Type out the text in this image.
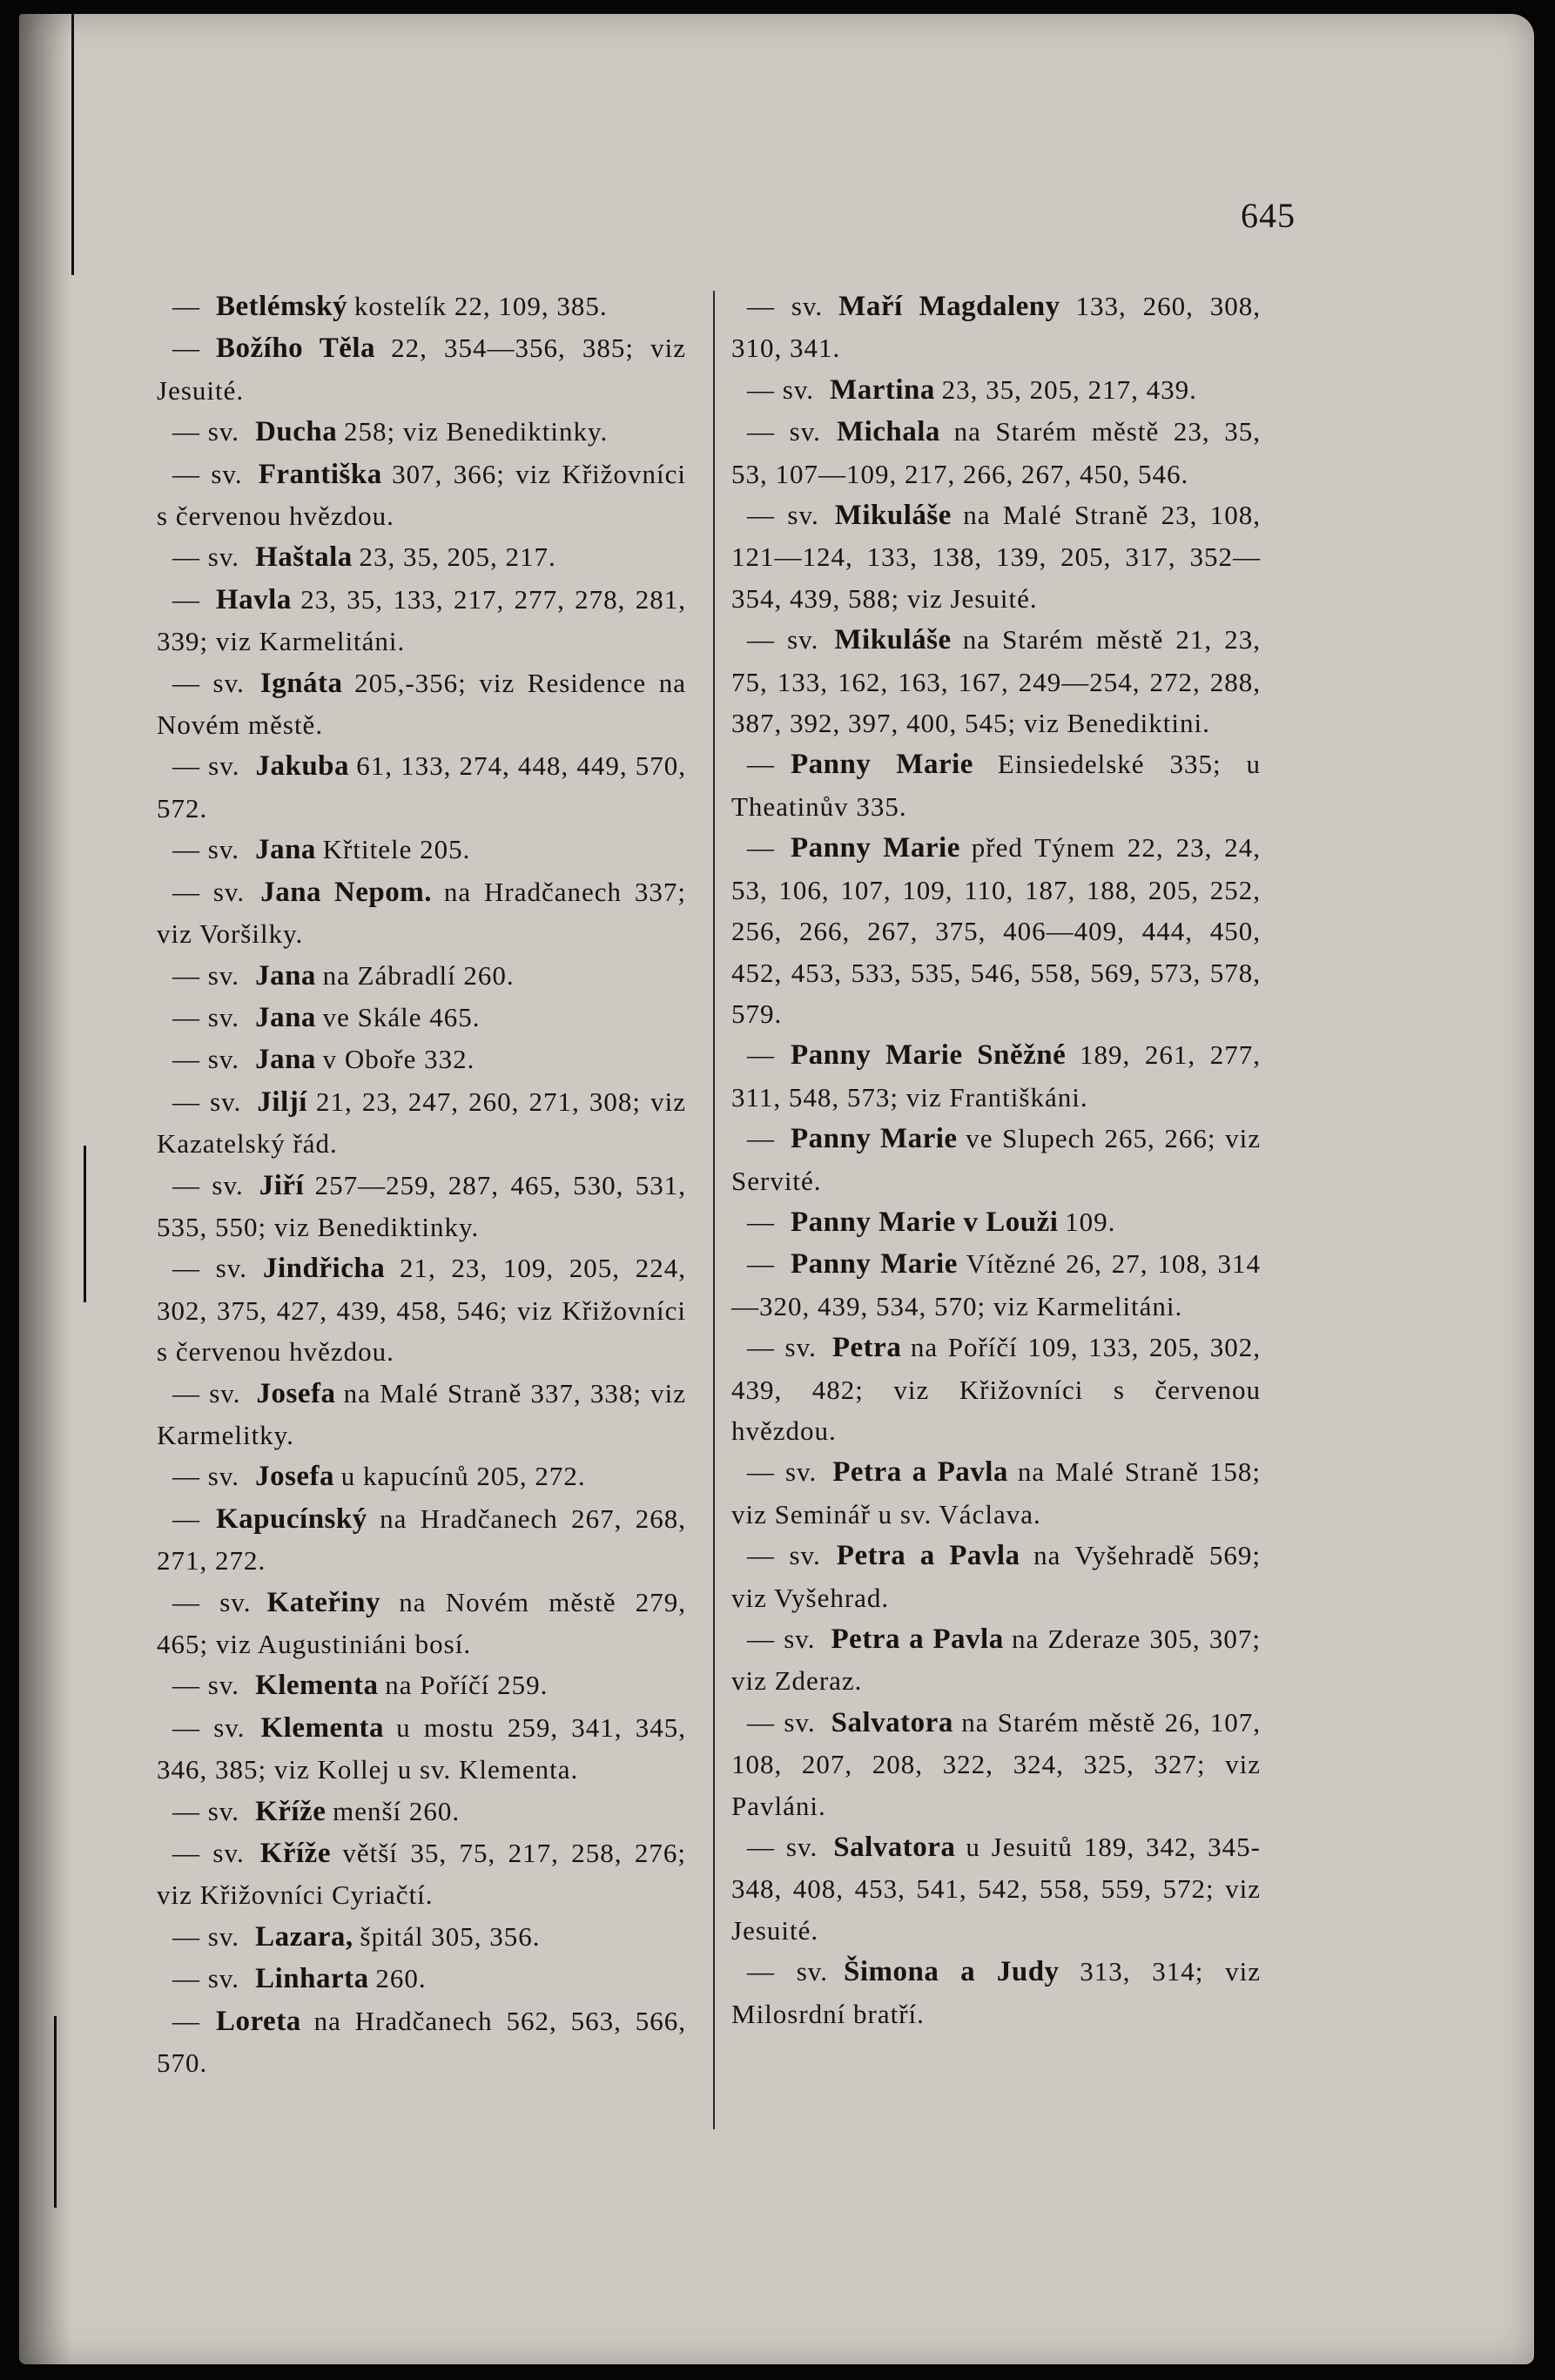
645

— Betlémský kostelík 22, 109, 385.

— Božího Těla 22, 354—356, 385; viz Jesuité.

— sv. Ducha 258; viz Benediktinky.

— sv. Františka 307, 366; viz Křižovníci s červenou hvězdou.

— sv. Haštala 23, 35, 205, 217.

— Havla 23, 35, 133, 217, 277, 278, 281, 339; viz Karmelitáni.

— sv. Ignáta 205,-356; viz Residence na Novém městě.

— sv. Jakuba 61, 133, 274, 448, 449, 570, 572.

— sv. Jana Křtitele 205.

— sv. Jana Nepom. na Hradčanech 337; viz Voršilky.

— sv. Jana na Zábradlí 260.

— sv. Jana ve Skále 465.

— sv. Jana v Oboře 332.

— sv. Jiljí 21, 23, 247, 260, 271, 308; viz Kazatelský řád.

— sv. Jiří 257—259, 287, 465, 530, 531, 535, 550; viz Benediktinky.

— sv. Jindřicha 21, 23, 109, 205, 224, 302, 375, 427, 439, 458, 546; viz Křižovníci s červenou hvězdou.

— sv. Josefa na Malé Straně 337, 338; viz Karmelitky.

— sv. Josefa u kapucínů 205, 272.

— Kapucínský na Hradčanech 267, 268, 271, 272.

— sv. Kateřiny na Novém městě 279, 465; viz Augustiniáni bosí.

— sv. Klementa na Poříčí 259.

— sv. Klementa u mostu 259, 341, 345, 346, 385; viz Kollej u sv. Klementa.

— sv. Kříže menší 260.

— sv. Kříže větší 35, 75, 217, 258, 276; viz Křižovníci Cyriačtí.

— sv. Lazara, špitál 305, 356.

— sv. Linharta 260.

— Loreta na Hradčanech 562, 563, 566, 570.

— sv. Maří Magdaleny 133, 260, 308, 310, 341.

— sv. Martina 23, 35, 205, 217, 439.

— sv. Michala na Starém městě 23, 35, 53, 107—109, 217, 266, 267, 450, 546.

— sv. Mikuláše na Malé Straně 23, 108, 121—124, 133, 138, 139, 205, 317, 352—354, 439, 588; viz Jesuité.

— sv. Mikuláše na Starém městě 21, 23, 75, 133, 162, 163, 167, 249—254, 272, 288, 387, 392, 397, 400, 545; viz Benediktini.

— Panny Marie Einsiedelské 335; u Theatinův 335.

— Panny Marie před Týnem 22, 23, 24, 53, 106, 107, 109, 110, 187, 188, 205, 252, 256, 266, 267, 375, 406—409, 444, 450, 452, 453, 533, 535, 546, 558, 569, 573, 578, 579.

— Panny Marie Sněžné 189, 261, 277, 311, 548, 573; viz Františkáni.

— Panny Marie ve Slupech 265, 266; viz Servité.

— Panny Marie v Louži 109.

— Panny Marie Vítězné 26, 27, 108, 314—320, 439, 534, 570; viz Karmelitáni.

— sv. Petra na Poříčí 109, 133, 205, 302, 439, 482; viz Křižovníci s červenou hvězdou.

— sv. Petra a Pavla na Malé Straně 158; viz Seminář u sv. Václava.

— sv. Petra a Pavla na Vyšehradě 569; viz Vyšehrad.

— sv. Petra a Pavla na Zderaze 305, 307; viz Zderaz.

— sv. Salvatora na Starém městě 26, 107, 108, 207, 208, 322, 324, 325, 327; viz Pavláni.

— sv. Salvatora u Jesuitů 189, 342, 345-348, 408, 453, 541, 542, 558, 559, 572; viz Jesuité.

— sv. Šimona a Judy 313, 314; viz Milosrdní bratří.
